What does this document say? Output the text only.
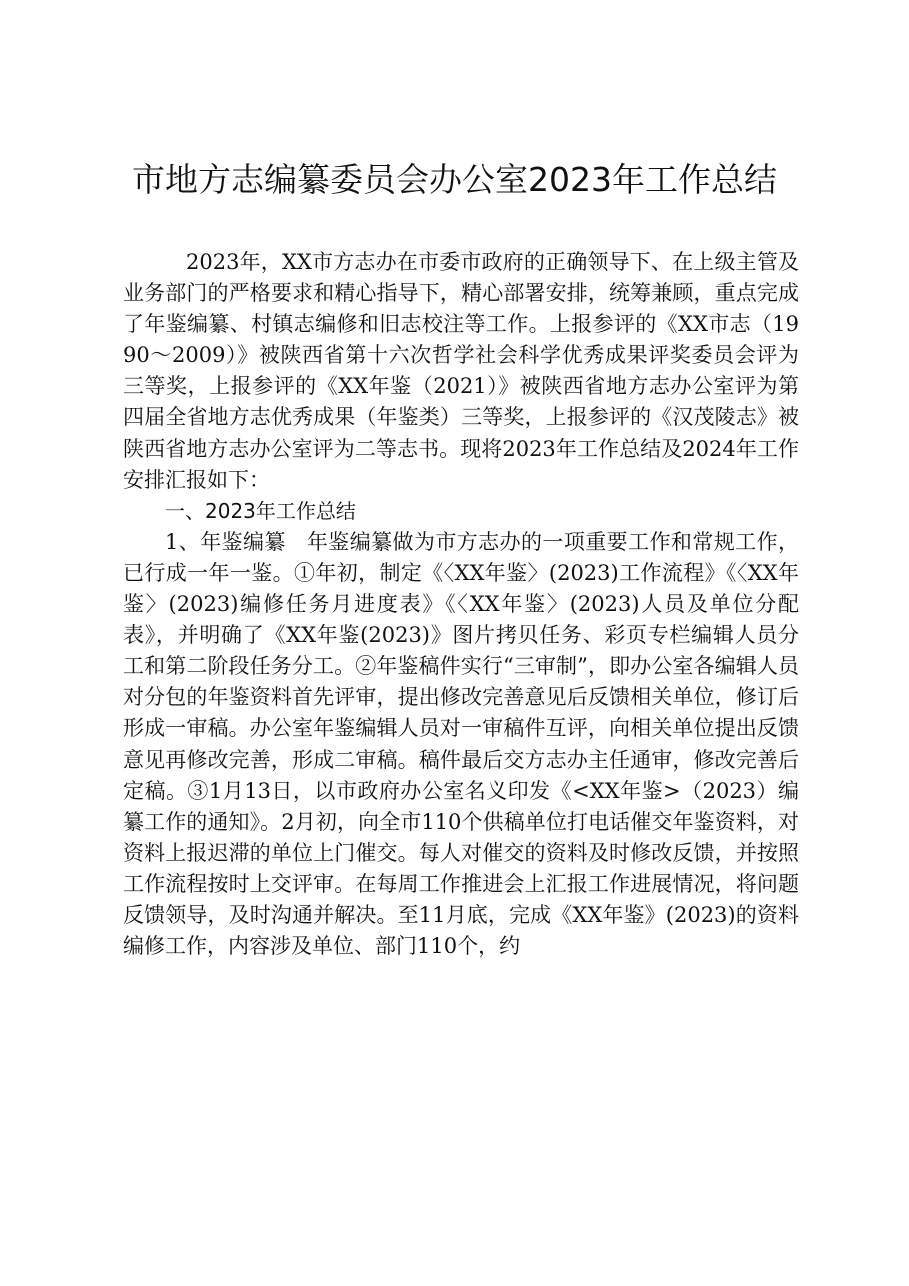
市地方志编纂委员会办公室2023年工作总结

2023年，XX市方志办在市委市政府的正确领导下、在上级主管及业务部门的严格要求和精心指导下，精心部署安排，统筹兼顾，重点完成了年鉴编纂、村镇志编修和旧志校注等工作。上报参评的《XX市志（1990～2009）》被陕西省第十六次哲学社会科学优秀成果评奖委员会评为三等奖，上报参评的《XX年鉴（2021）》被陕西省地方志办公室评为第四届全省地方志优秀成果（年鉴类）三等奖，上报参评的《汉茂陵志》被陕西省地方志办公室评为二等志书。现将2023年工作总结及2024年工作安排汇报如下：

一、2023年工作总结

1、年鉴编纂 年鉴编纂做为市方志办的一项重要工作和常规工作，已行成一年一鉴。①年初，制定《〈XX年鉴〉(2023)工作流程》《〈XX年鉴〉(2023)编修任务月进度表》《〈XX年鉴〉(2023)人员及单位分配表》，并明确了《XX年鉴(2023)》图片拷贝任务、彩页专栏编辑人员分工和第二阶段任务分工。②年鉴稿件实行“三审制”，即办公室各编辑人员对分包的年鉴资料首先评审，提出修改完善意见后反馈相关单位，修订后形成一审稿。办公室年鉴编辑人员对一审稿件互评，向相关单位提出反馈意见再修改完善，形成二审稿。稿件最后交方志办主任通审，修改完善后定稿。③1月13日，以市政府办公室名义印发《<XX年鉴>（2023）编纂工作的通知》。2月初，向全市110个供稿单位打电话催交年鉴资料，对资料上报迟滞的单位上门催交。每人对催交的资料及时修改反馈，并按照工作流程按时上交评审。在每周工作推进会上汇报工作进展情况，将问题反馈领导，及时沟通并解决。至11月底，完成《XX年鉴》(2023)的资料编修工作，内容涉及单位、部门110个，约
